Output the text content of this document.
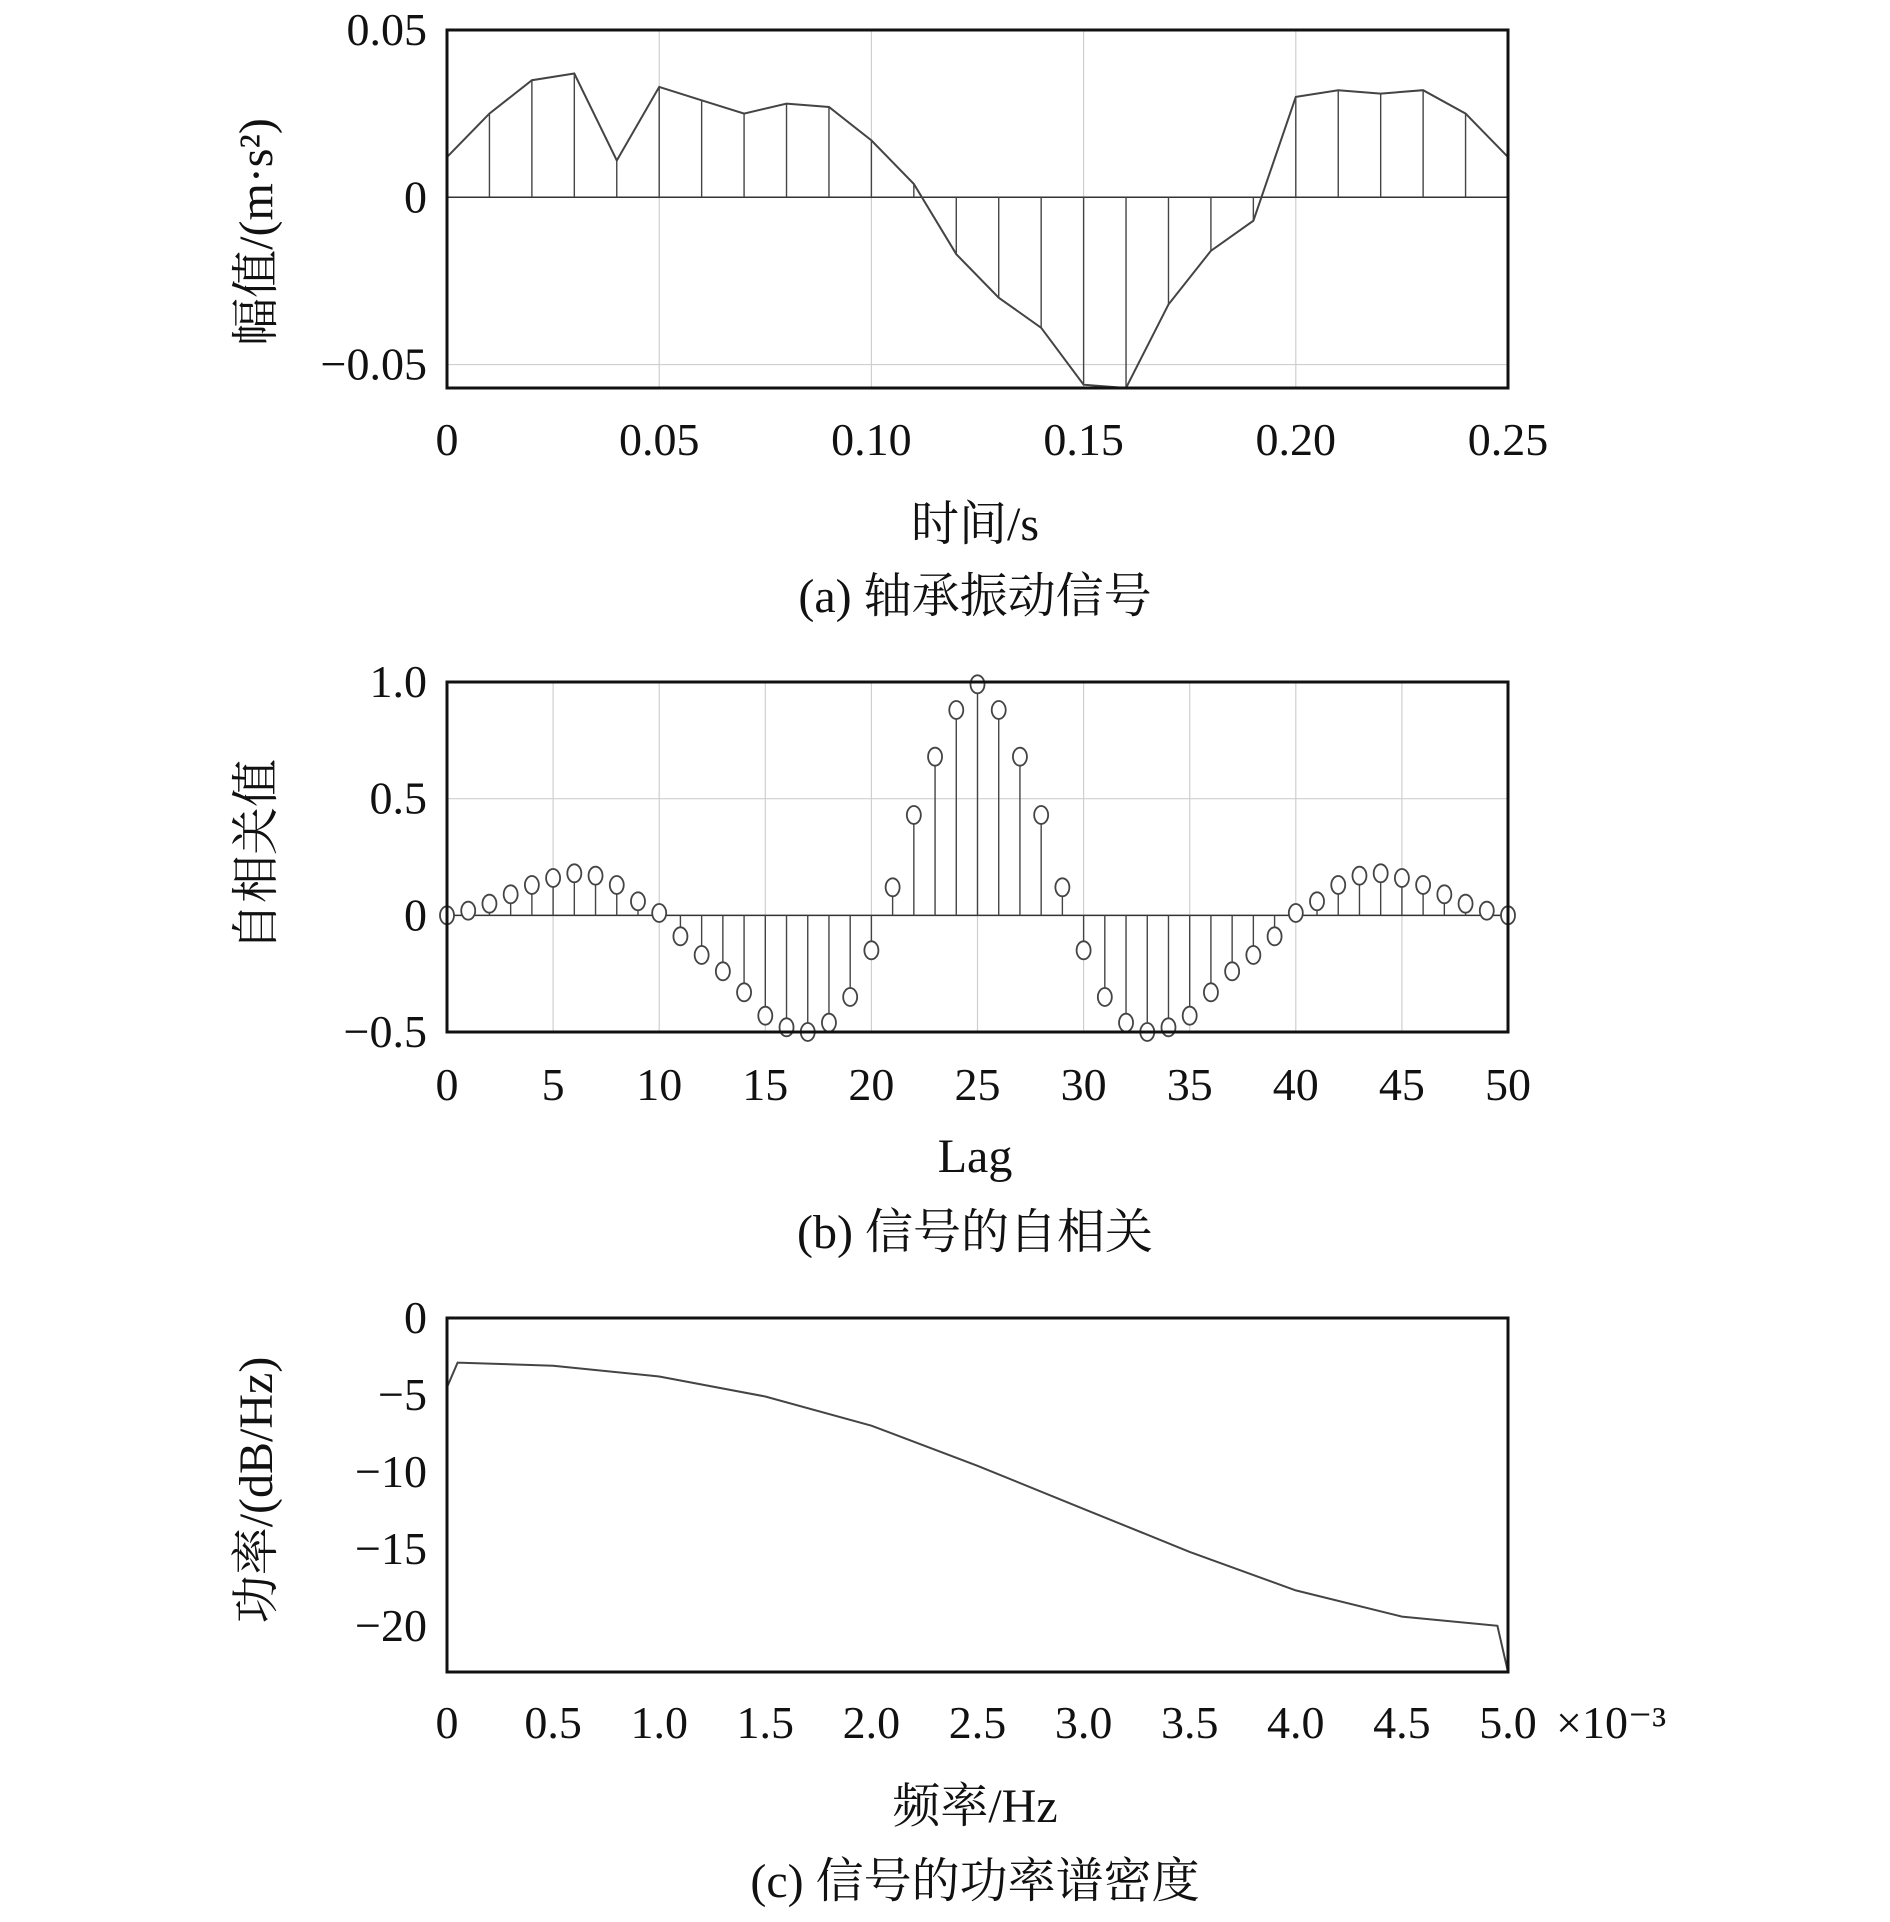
0	0.05	0.10	0.15	0.20	0.25
−0.05
0
0.05
(a) 轴承振动信号
时间/s
幅值/(m·s²)
0 5 10 15 20 25 30 35 40 45 50
−0.5
0
0.5
1.0
(b) 信号的自相关
Lag
自相关值
0 0.5 1.0 1.5 2.0 2.5 3.0 3.5 4.0 4.5 5.0
−20
−15
−10
−5
0
(c) 信号的功率谱密度
频率/Hz
功率/(dB/Hz)
×10⁻³
